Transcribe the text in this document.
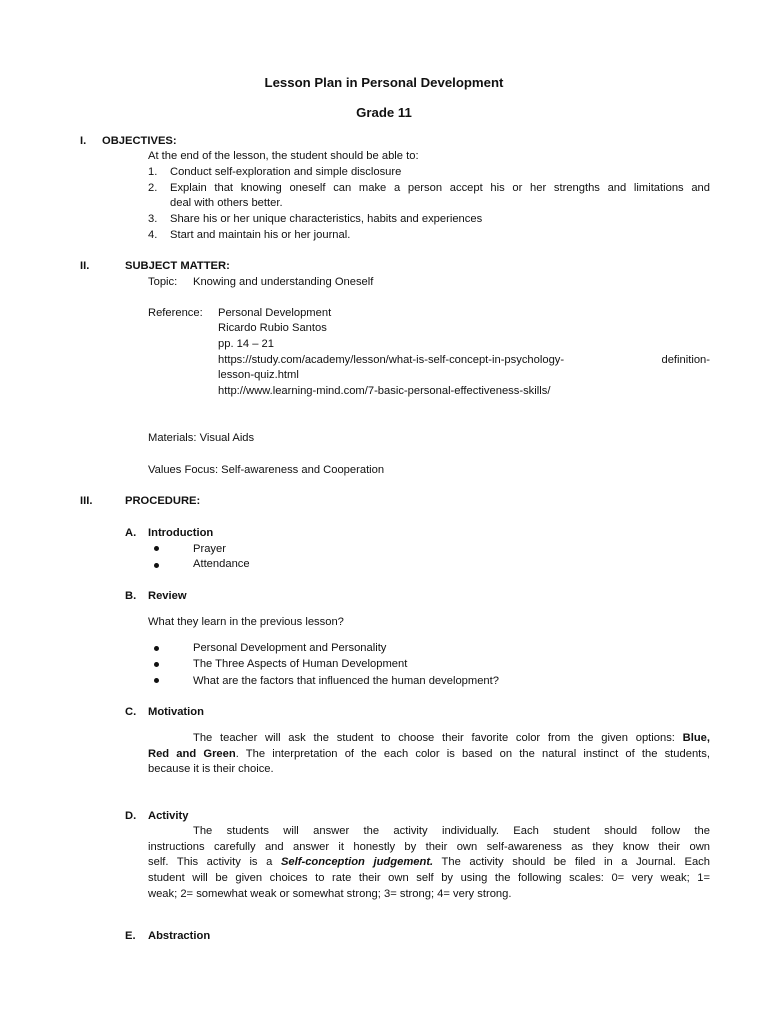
Lesson Plan in Personal Development
Grade 11
I. OBJECTIVES:
At the end of the lesson, the student should be able to:
1. Conduct self-exploration and simple disclosure
2. Explain that knowing oneself can make a person accept his or her strengths and limitations and
deal with others better.
3. Share his or her unique characteristics, habits and experiences
4. Start and maintain his or her journal.
II.	SUBJECT MATTER:
Topic: Knowing and understanding Oneself
Reference: Personal Development
Ricardo Rubio Santos
pp. 14 – 21
https://study.com/academy/lesson/what-is-self-concept-in-psychology- definition-
lesson-quiz.html
http://www.learning-mind.com/7-basic-personal-effectiveness-skills/
Materials: Visual Aids
Values Focus: Self-awareness and Cooperation
III.	PROCEDURE:
A. Introduction
Prayer
Attendance
B. Review
What they learn in the previous lesson?
Personal Development and Personality
The Three Aspects of Human Development
What are the factors that influenced the human development?
C. Motivation
The teacher will ask the student to choose their favorite color from the given options: Blue,
Red and Green. The interpretation of the each color is based on the natural instinct of the students,
because it is their choice.
D. Activity
The students will answer the activity individually. Each student should follow the
instructions carefully and answer it honestly by their own self-awareness as they know their own
self. This activity is a Self-conception judgement. The activity should be filed in a Journal. Each
student will be given choices to rate their own self by using the following scales: 0= very weak; 1=
weak; 2= somewhat weak or somewhat strong; 3= strong; 4= very strong.
E. Abstraction
